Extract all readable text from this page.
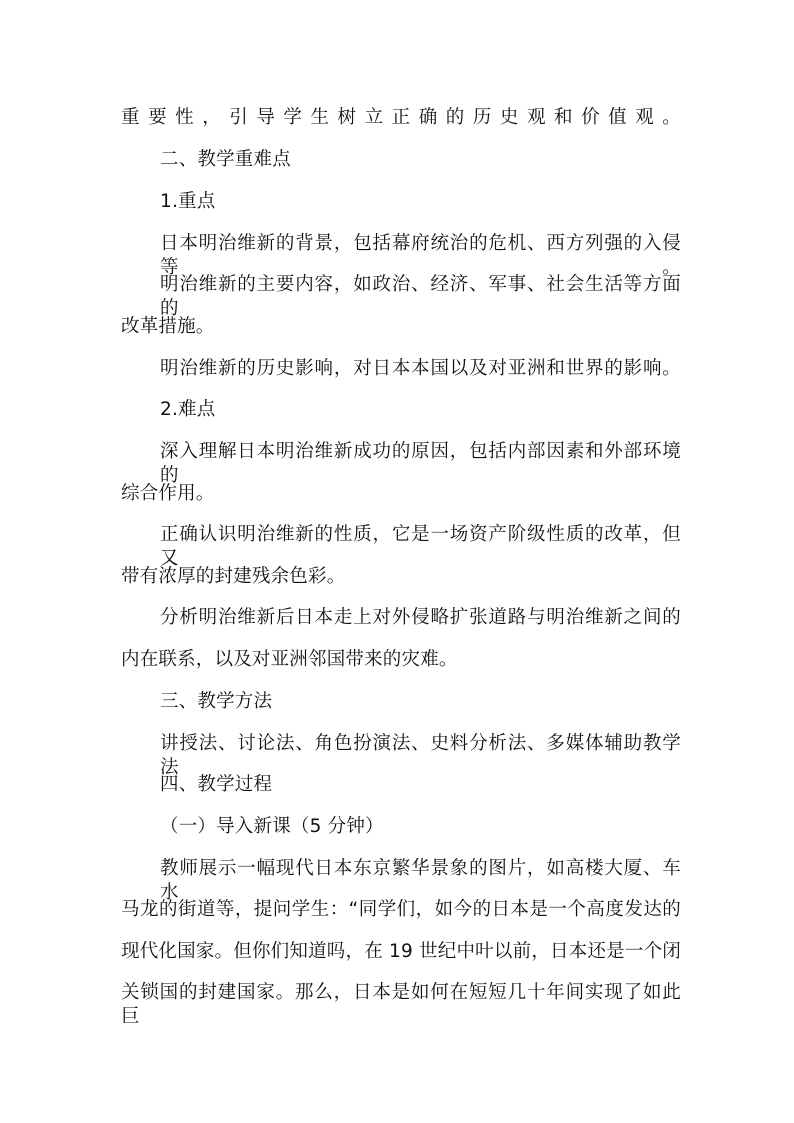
重要性，引导学生树立正确的历史观和价值观。
二、教学重难点
1.重点
日本明治维新的背景，包括幕府统治的危机、西方列强的入侵等。
明治维新的主要内容，如政治、经济、军事、社会生活等方面的
改革措施。
明治维新的历史影响，对日本本国以及对亚洲和世界的影响。
2.难点
深入理解日本明治维新成功的原因，包括内部因素和外部环境的
综合作用。
正确认识明治维新的性质，它是一场资产阶级性质的改革，但又
带有浓厚的封建残余色彩。
分析明治维新后日本走上对外侵略扩张道路与明治维新之间的
内在联系，以及对亚洲邻国带来的灾难。
三、教学方法
讲授法、讨论法、角色扮演法、史料分析法、多媒体辅助教学法
四、教学过程
（一）导入新课（5 分钟）
教师展示一幅现代日本东京繁华景象的图片，如高楼大厦、车水
马龙的街道等，提问学生：“同学们，如今的日本是一个高度发达的
现代化国家。但你们知道吗，在 19 世纪中叶以前，日本还是一个闭
关锁国的封建国家。那么，日本是如何在短短几十年间实现了如此巨
